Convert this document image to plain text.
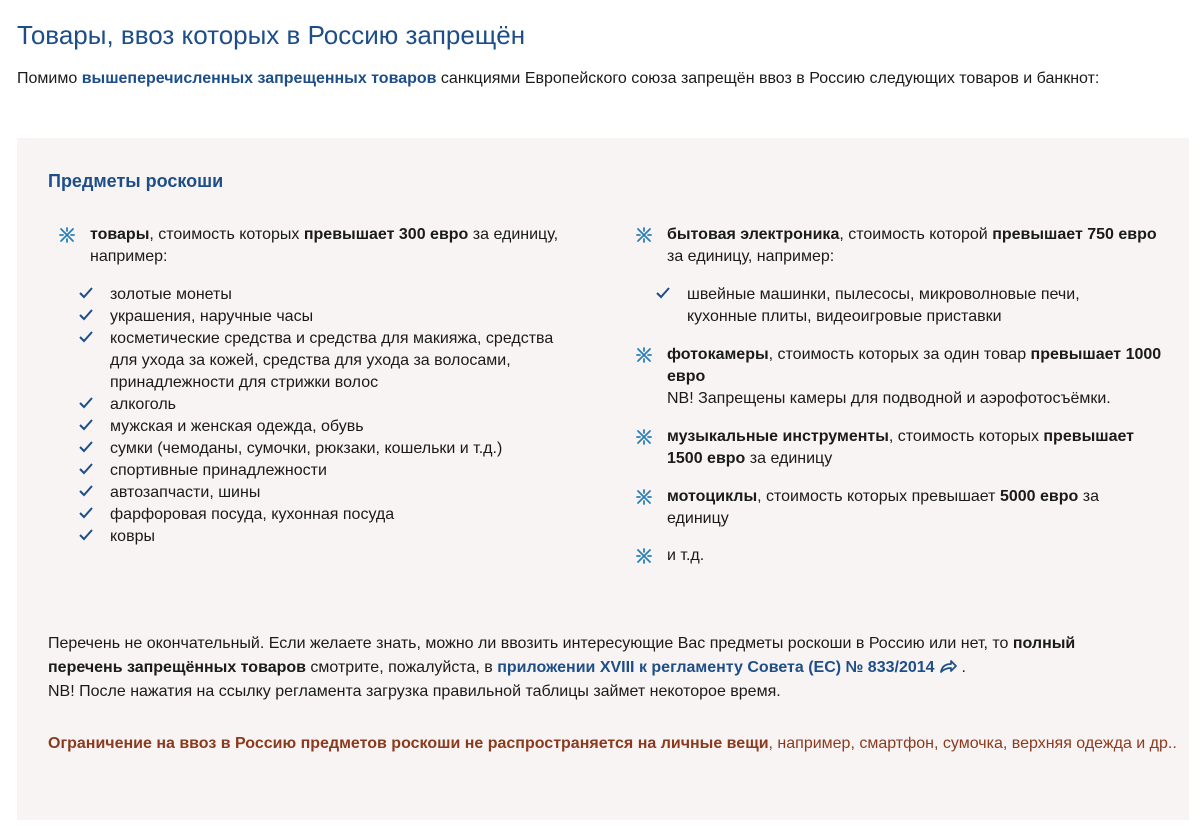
Товары, ввоз которых в Россию запрещён

Помимо вышеперечисленных запрещенных товаров санкциями Европейского союза запрещён ввоз в Россию следующих товаров и банкнот:

Предметы роскоши
товары, стоимость которых превышает 300 евро за единицу,
например:
золотые монеты
украшения, наручные часы
косметические средства и средства для макияжа, средства для ухода за кожей, средства для ухода за волосами, принадлежности для стрижки волос
алкоголь
мужская и женская одежда, обувь
сумки (чемоданы, сумочки, рюкзаки, кошельки и т.д.)
спортивные принадлежности
автозапчасти, шины
фарфоровая посуда, кухонная посуда
ковры
бытовая электроника, стоимость которой превышает 750 евро
за единицу, например:
швейные машинки, пылесосы, микроволновые печи, кухонные плиты, видеоигровые приставки
фотокамеры, стоимость которых за один товар превышает 1000 евро
NB! Запрещены камеры для подводной и аэрофотосъёмки.
музыкальные инструменты, стоимость которых превышает 1500 евро за единицу
мотоциклы, стоимость которых превышает 5000 евро за единицу
и т.д.

Перечень не окончательный. Если желаете знать, можно ли ввозить интересующие Вас предметы роскоши в Россию или нет, то полный перечень запрещённых товаров смотрите, пожалуйста, в приложении XVIII к регламенту Совета (ЕС) № 833/2014  .
NB! После нажатия на ссылку регламента загрузка правильной таблицы займет некоторое время.

Ограничение на ввоз в Россию предметов роскоши не распространяется на личные вещи, например, смартфон, сумочка, верхняя одежда и др..
